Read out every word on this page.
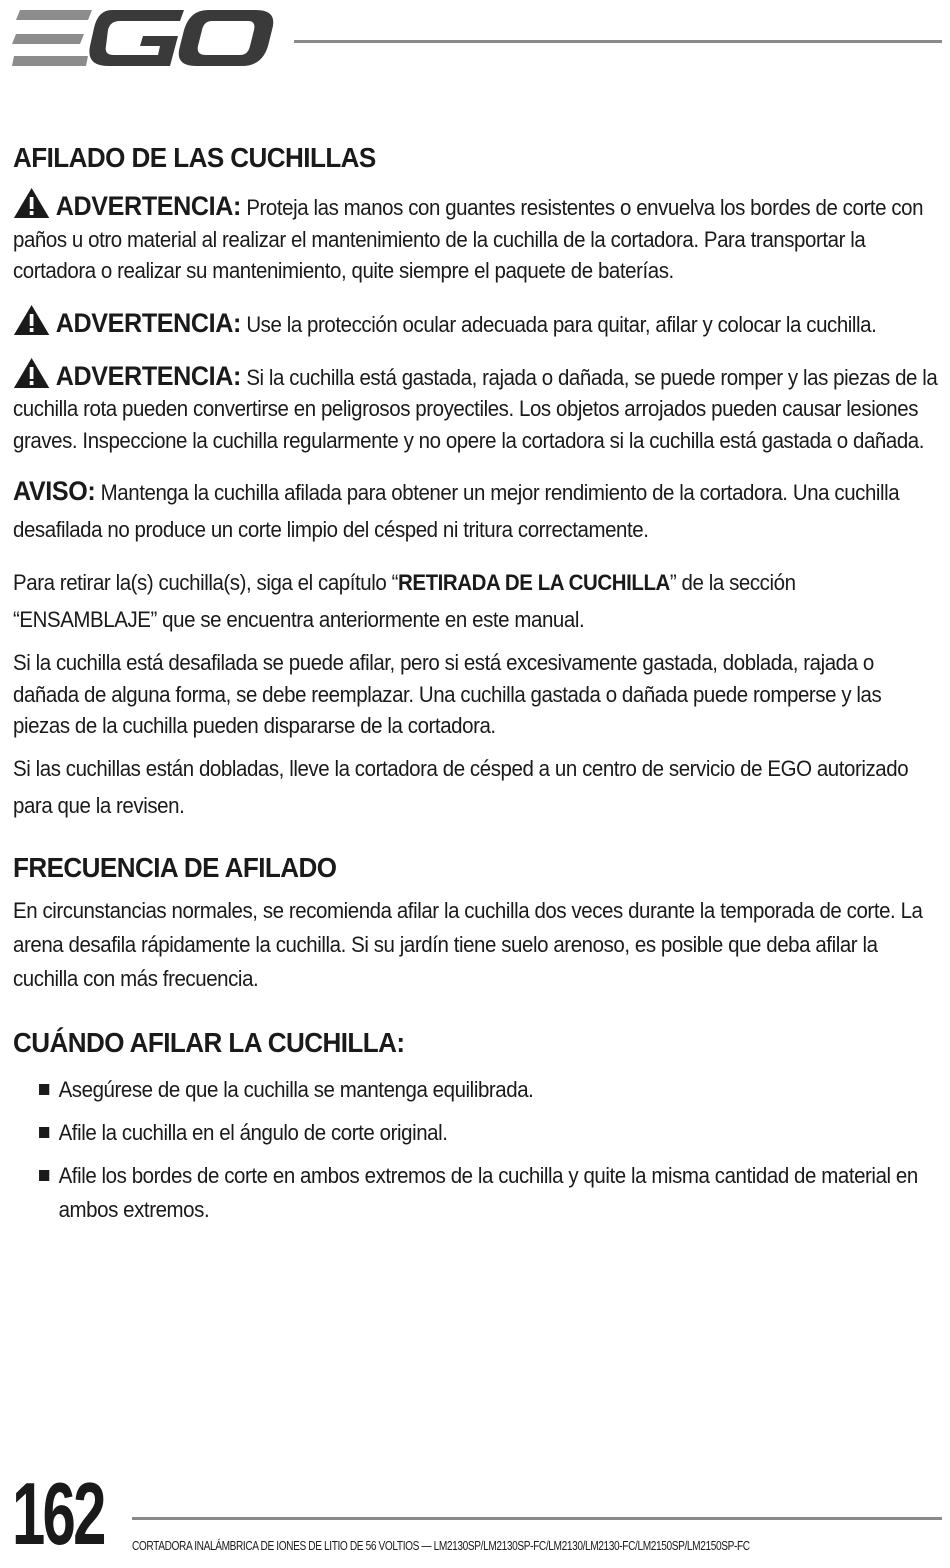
AFILADO DE LAS CUCHILLAS

ADVERTENCIA: Proteja las manos con guantes resistentes o envuelva los bordes de corte con paños u otro material al realizar el mantenimiento de la cuchilla de la cortadora. Para transportar la cortadora o realizar su mantenimiento, quite siempre el paquete de baterías.

ADVERTENCIA: Use la protección ocular adecuada para quitar, afilar y colocar la cuchilla.

ADVERTENCIA: Si la cuchilla está gastada, rajada o dañada, se puede romper y las piezas de la cuchilla rota pueden convertirse en peligrosos proyectiles. Los objetos arrojados pueden causar lesiones graves. Inspeccione la cuchilla regularmente y no opere la cortadora si la cuchilla está gastada o dañada.

AVISO: Mantenga la cuchilla afilada para obtener un mejor rendimiento de la cortadora. Una cuchilla desafilada no produce un corte limpio del césped ni tritura correctamente.

Para retirar la(s) cuchilla(s), siga el capítulo “RETIRADA DE LA CUCHILLA” de la sección “ENSAMBLAJE” que se encuentra anteriormente en este manual.

Si la cuchilla está desafilada se puede afilar, pero si está excesivamente gastada, doblada, rajada o dañada de alguna forma, se debe reemplazar. Una cuchilla gastada o dañada puede romperse y las piezas de la cuchilla pueden dispararse de la cortadora.

Si las cuchillas están dobladas, lleve la cortadora de césped a un centro de servicio de EGO autorizado para que la revisen.

FRECUENCIA DE AFILADO

En circunstancias normales, se recomienda afilar la cuchilla dos veces durante la temporada de corte. La arena desafila rápidamente la cuchilla. Si su jardín tiene suelo arenoso, es posible que deba afilar la cuchilla con más frecuencia.

CUÁNDO AFILAR LA CUCHILLA:
Asegúrese de que la cuchilla se mantenga equilibrada.
Afile la cuchilla en el ángulo de corte original.
Afile los bordes de corte en ambos extremos de la cuchilla y quite la misma cantidad de material en ambos extremos.
162 CORTADORA INALÁMBRICA DE IONES DE LITIO DE 56 VOLTIOS — LM2130SP/LM2130SP-FC/LM2130/LM2130-FC/LM2150SP/LM2150SP-FC
